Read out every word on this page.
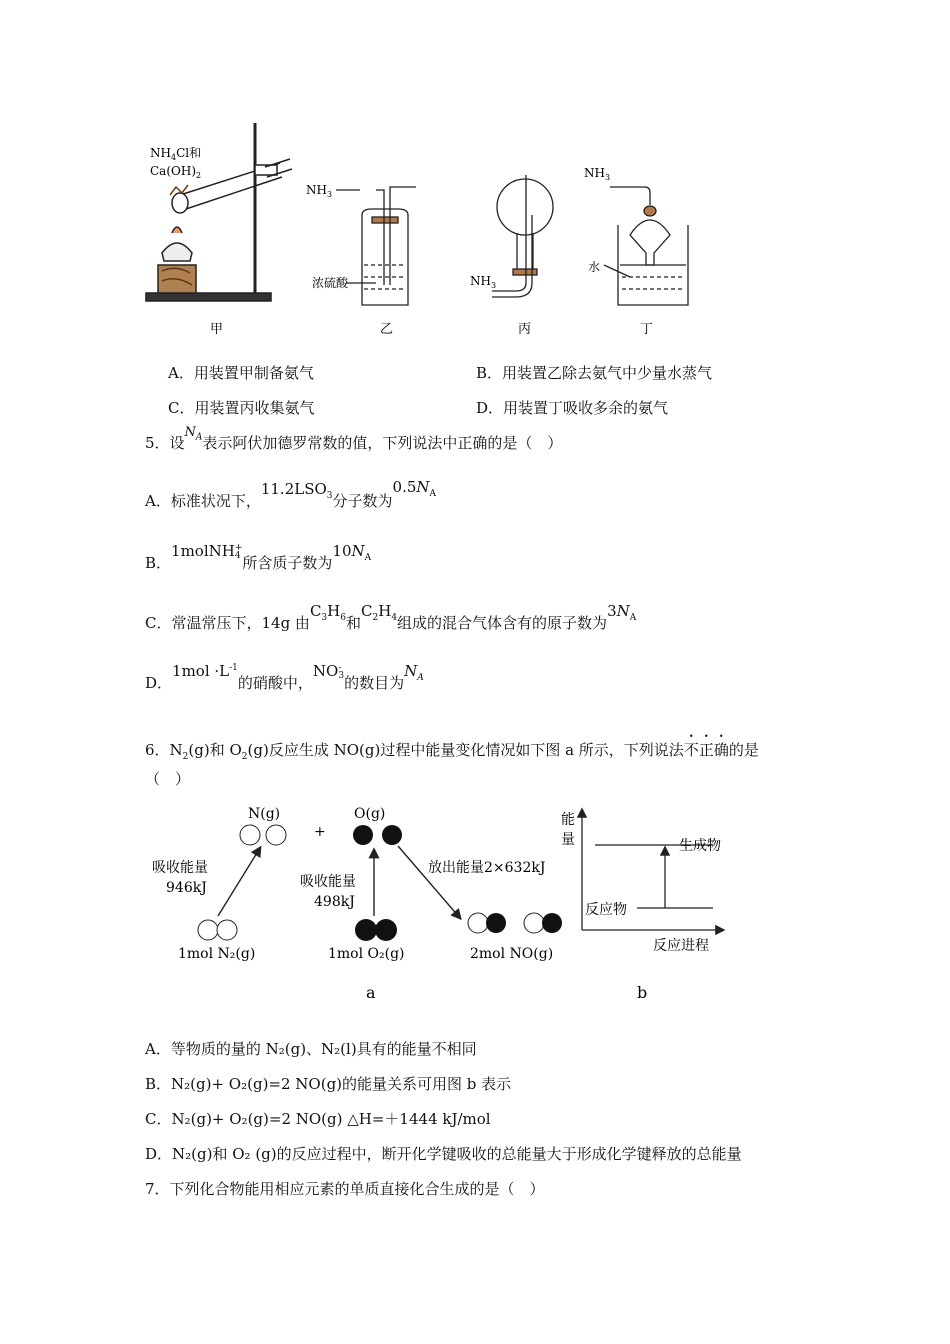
$NH_4Cl$和
$Ca(OH)_2$
甲
$NH_3$
浓硫酸
乙
$NH_3$
丙
$NH_3$
水
丁
A．用装置甲制备氨气	B．用装置乙除去氨气中少量水蒸气
C．用装置丙收集氨气	D．用装置丁吸收多余的氨气
5．设$N_A$表示阿伏加德罗常数的值，下列说法中正确的是（　）
A．标准状况下，$11.2LSO_3$分子数为$0.5N_A$
B．1molNH +
4 所含质子数为$10N_A$
C．常温常压下，14g 由$C_3H_6$和$C_2H_4$组成的混合气体含有的原子数为$3N_A$
D．$1mol \cdot L^{-1}$的硝酸中，NO -
3 的数目为$N_A$
6．$N_2(g)$和 $O_2(g)$反应生成 NO(g)过程中能量变化情况如下图 a 所示，下列说法不正确的是
（　）
N(g)
+
O(g)
吸收能量
946kJ	吸收能量
498kJ
放出能量2×632kJ
1mol N₂(g)	1mol O₂(g)	2mol NO(g)
a
能
量	生成物
反应物
反应进程
b
A．等物质的量的 N₂(g)、N₂(l)具有的能量不相同
B．N₂(g)+ O₂(g)=2 NO(g)的能量关系可用图 b 表示
C．N₂(g)+ O₂(g)=2 NO(g) △H=＋1444 kJ/mol
D．N₂(g)和 O₂ (g)的反应过程中，断开化学键吸收的总能量大于形成化学键释放的总能量
7．下列化合物能用相应元素的单质直接化合生成的是（　）
